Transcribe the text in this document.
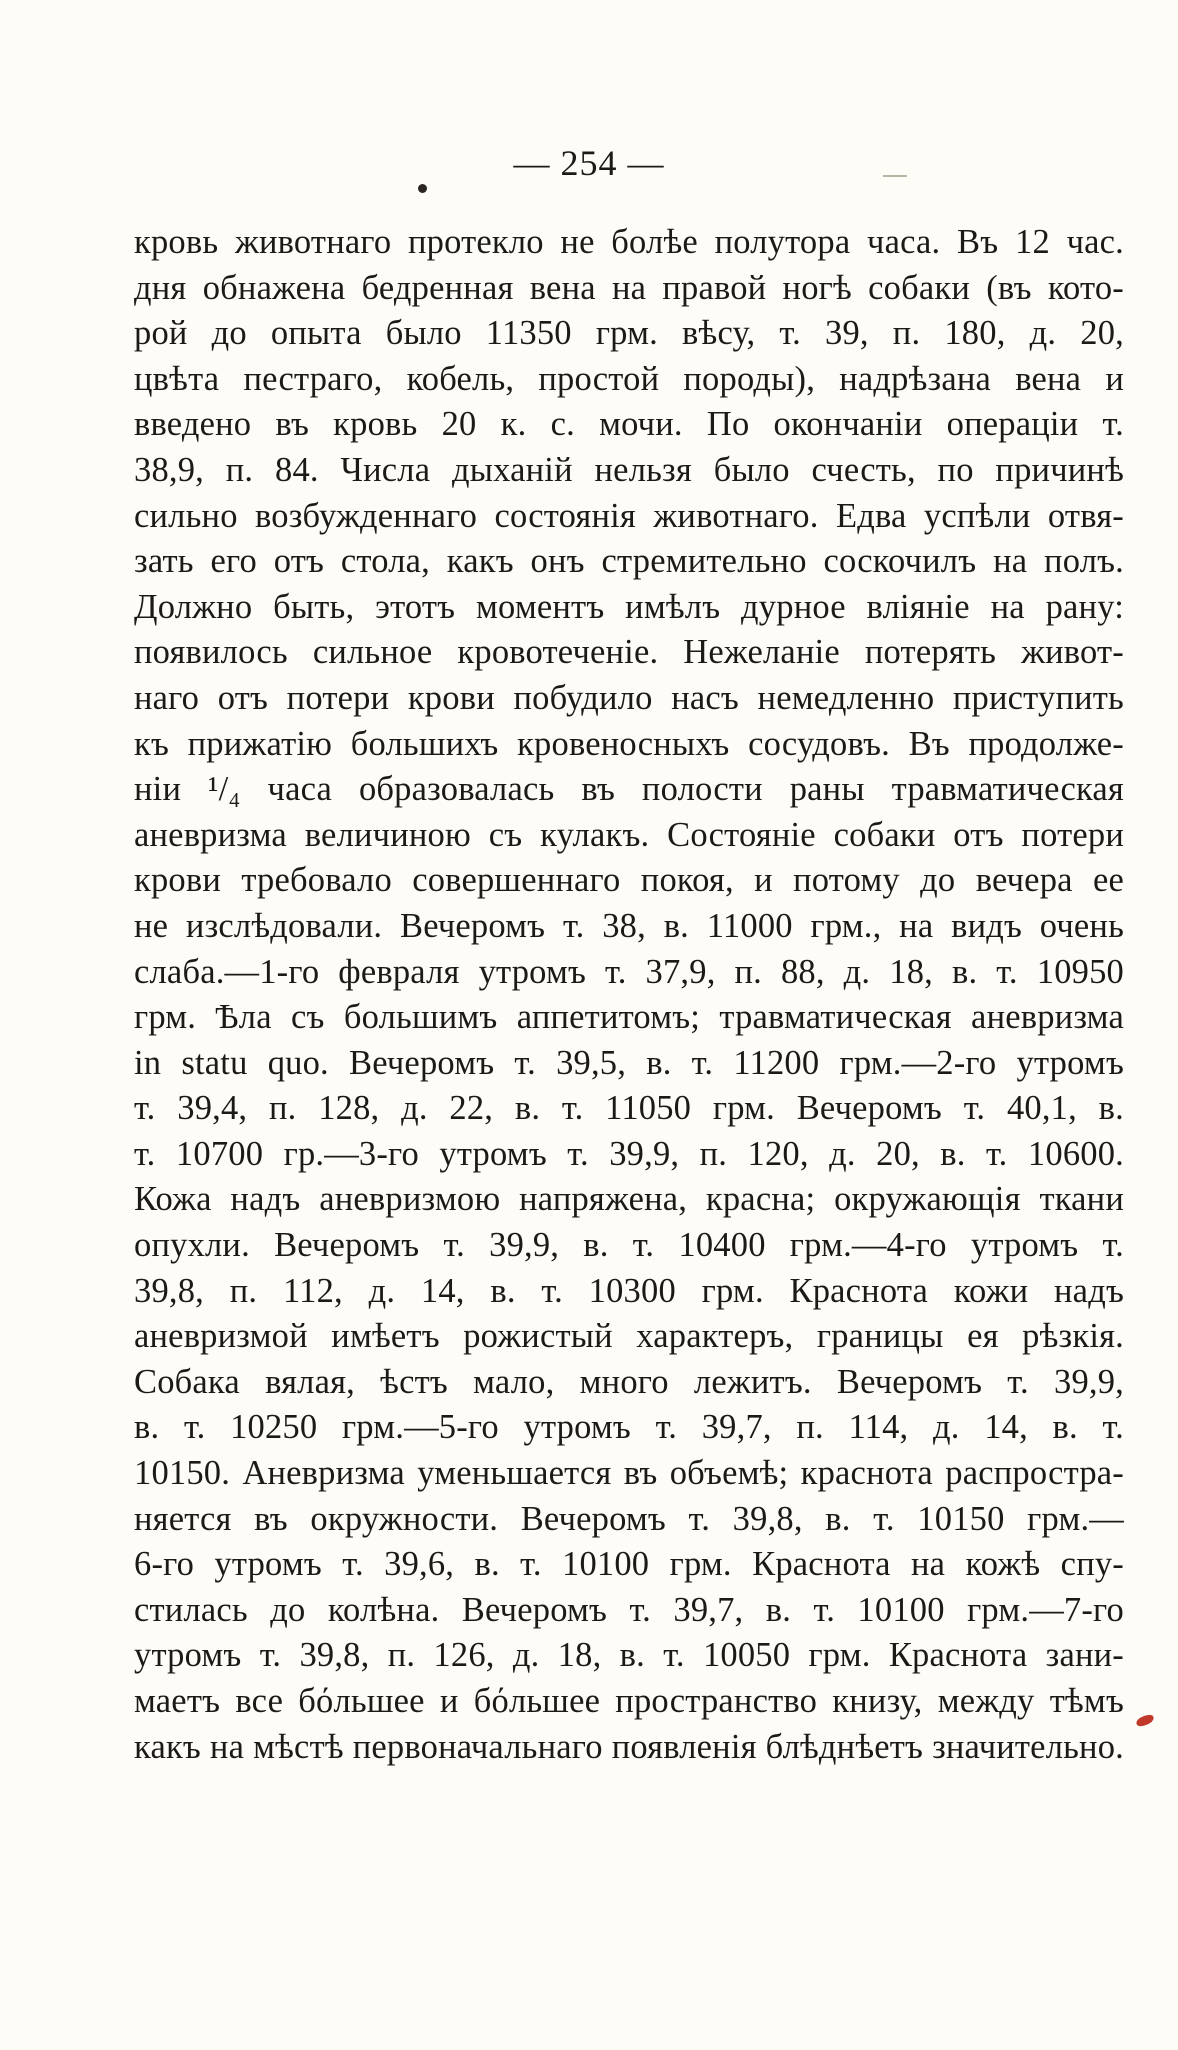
— 254 —
кровь животнаго протекло не болѣе полутора часа. Въ 12 час.
дня обнажена бедренная вена на правой ногѣ собаки (въ кото-
рой до опыта было 11350 грм. вѣсу, т. 39, п. 180, д. 20,
цвѣта пестраго, кобель, простой породы), надрѣзана вена и
введено въ кровь 20 к. с. мочи. По окончаніи операціи т.
38,9, п. 84. Числа дыханій нельзя было счесть, по причинѣ
сильно возбужденнаго состоянія животнаго. Едва успѣли отвя-
зать его отъ стола, какъ онъ стремительно соскочилъ на полъ.
Должно быть, этотъ моментъ имѣлъ дурное вліяніе на рану:
появилось сильное кровотеченіе. Нежеланіе потерять живот-
наго отъ потери крови побудило насъ немедленно приступить
къ прижатію большихъ кровеносныхъ сосудовъ. Въ продолже-
ніи ¹/₄ часа образовалась въ полости раны травматическая
аневризма величиною съ кулакъ. Состояніе собаки отъ потери
крови требовало совершеннаго покоя, и потому до вечера ее
не изслѣдовали. Вечеромъ т. 38, в. 11000 грм., на видъ очень
слаба.—1-го февраля утромъ т. 37,9, п. 88, д. 18, в. т. 10950
грм. Ѣла съ большимъ аппетитомъ; травматическая аневризма
in statu quo. Вечеромъ т. 39,5, в. т. 11200 грм.—2-го утромъ
т. 39,4, п. 128, д. 22, в. т. 11050 грм. Вечеромъ т. 40,1, в.
т. 10700 гр.—3-го утромъ т. 39,9, п. 120, д. 20, в. т. 10600.
Кожа надъ аневризмою напряжена, красна; окружающія ткани
опухли. Вечеромъ т. 39,9, в. т. 10400 грм.—4-го утромъ т.
39,8, п. 112, д. 14, в. т. 10300 грм. Краснота кожи надъ
аневризмой имѣетъ рожистый характеръ, границы ея рѣзкія.
Собака вялая, ѣстъ мало, много лежитъ. Вечеромъ т. 39,9,
в. т. 10250 грм.—5-го утромъ т. 39,7, п. 114, д. 14, в. т.
10150. Аневризма уменьшается въ объемѣ; краснота распростра-
няется въ окружности. Вечеромъ т. 39,8, в. т. 10150 грм.—
6-го утромъ т. 39,6, в. т. 10100 грм. Краснота на кожѣ спу-
стилась до колѣна. Вечеромъ т. 39,7, в. т. 10100 грм.—7-го
утромъ т. 39,8, п. 126, д. 18, в. т. 10050 грм. Краснота зани-
маетъ все бόльшее и бόльшее пространство книзу, между тѣмъ
какъ на мѣстѣ первоначальнаго появленія блѣднѣетъ значительно.
